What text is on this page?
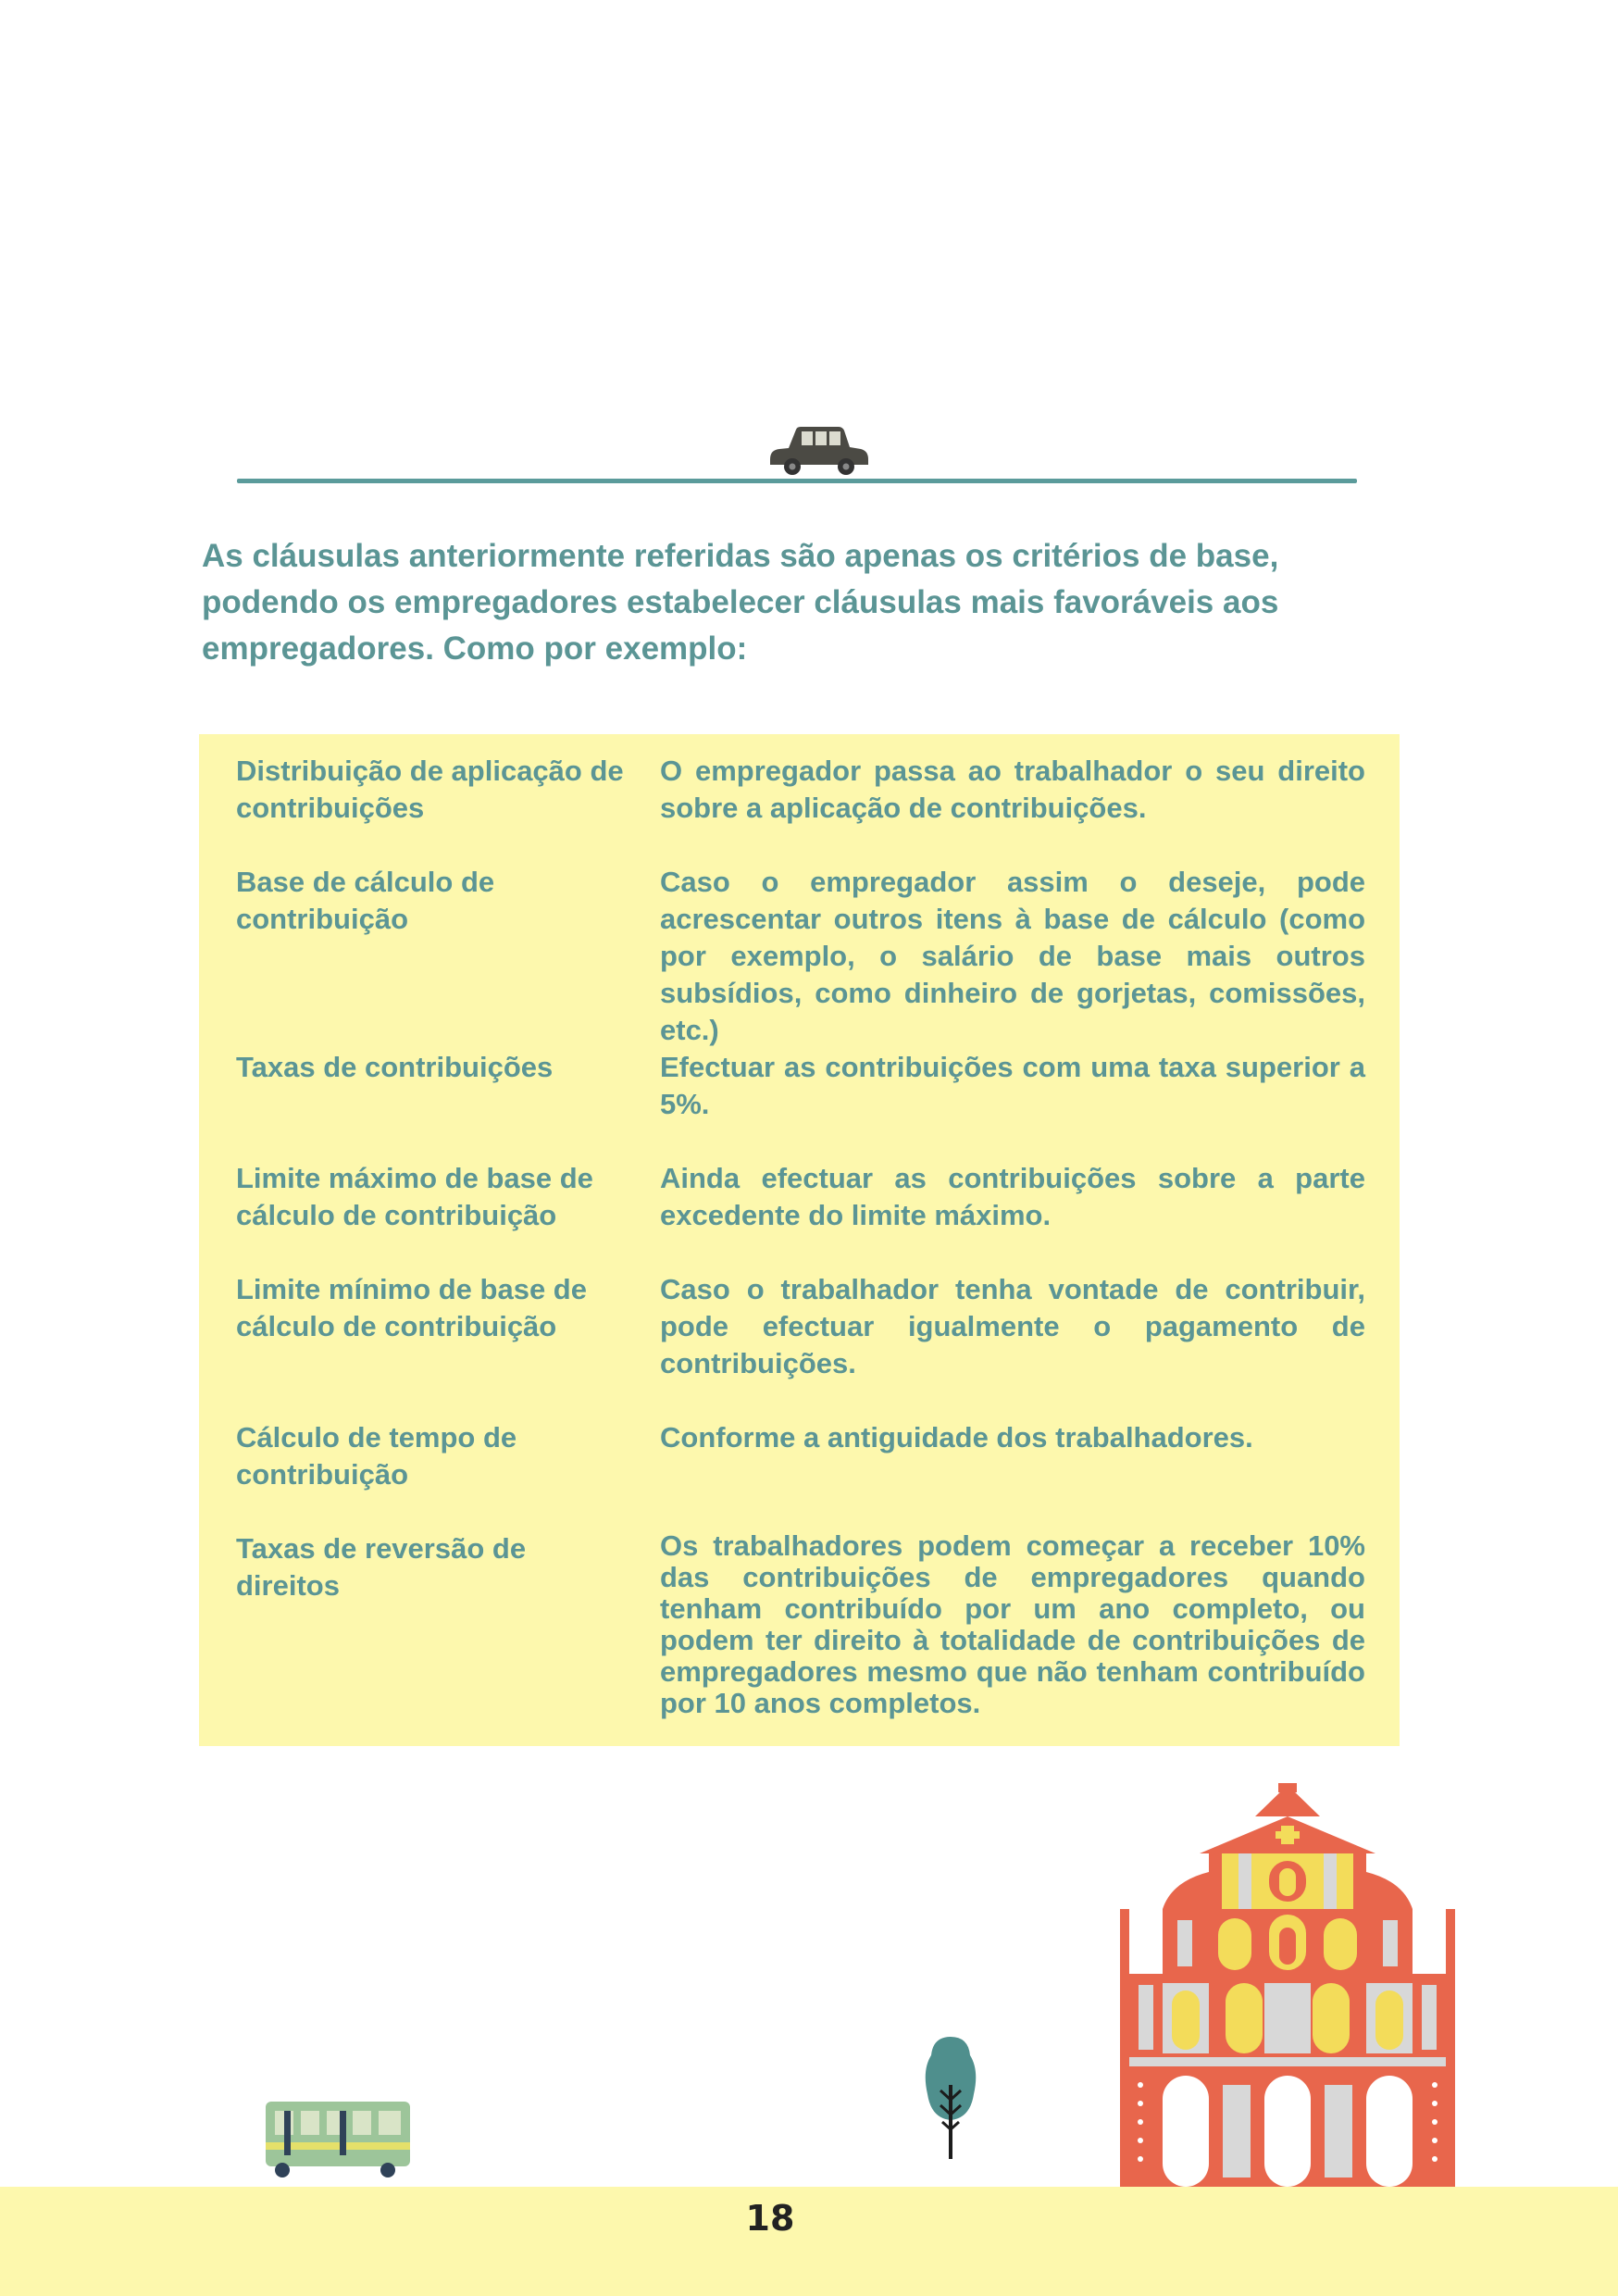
As cláusulas anteriormente referidas são apenas os critérios de base, podendo os empregadores estabelecer cláusulas mais favoráveis aos empregadores. Como por exemplo:

Distribuição de aplicação de contribuições
O empregador passa ao trabalhador o seu direito sobre a aplicação de contribuições.
Base de cálculo de contribuição
Caso o empregador assim o deseje, pode acrescentar outros itens à base de cálculo (como por exemplo, o salário de base mais outros subsídios, como dinheiro de gorjetas, comissões, etc.)
Taxas de contribuições	Efectuar as contribuições com uma taxa superior a 5%.
Limite máximo de base de cálculo de contribuição
Ainda efectuar as contribuições sobre a parte excedente do limite máximo.
Limite mínimo de base de cálculo de contribuição
Caso o trabalhador tenha vontade de contribuir, pode efectuar igualmente o pagamento de contribuições.
Cálculo de tempo de contribuição
Conforme a antiguidade dos trabalhadores.
Taxas de reversão de direitos
Os trabalhadores podem começar a receber 10% das contribuições de empregadores quando tenham contribuído por um ano completo, ou podem ter direito à totalidade de contribuições de empregadores mesmo que não tenham contribuído por 10 anos completos.
18
